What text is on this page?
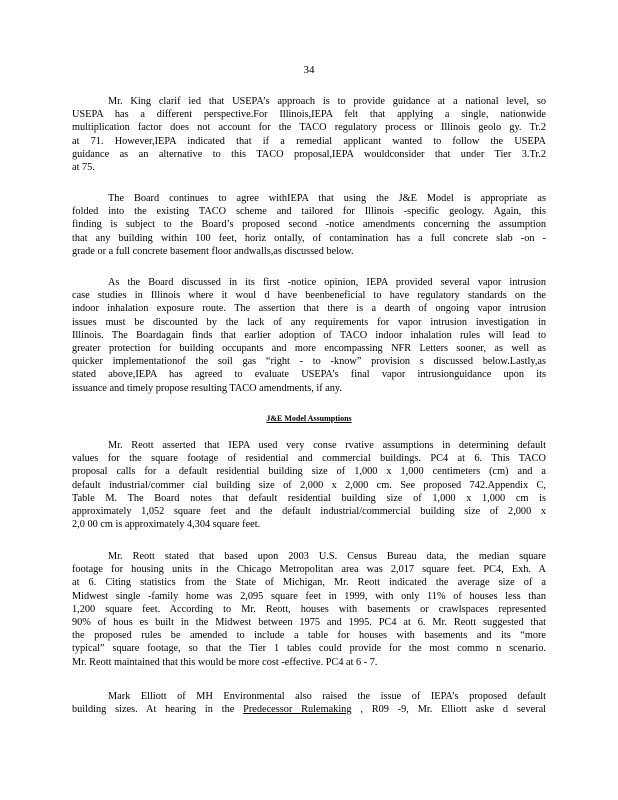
34
Mr. King clarif ied that USEPA’s approach is to provide guidance at a national level, so
USEPA has a different perspective.For Illinois,IEPA felt that applying a single, nationwide
multiplication factor does not account for the TACO regulatory process or Illinois geolo gy. Tr.2
at 71. However,IEPA indicated that if a remedial applicant wanted to follow the USEPA
guidance as an alternative to this TACO proposal,IEPA wouldconsider that under Tier 3.Tr.2
at 75.
The Board continues to agree withIEPA that using the J&E Model is appropriate as
folded into the existing TACO scheme and tailored for Illinois -specific geology. Again, this
finding is subject to the Board’s proposed second -notice amendments concerning the assumption
that any building within 100 feet, horiz ontally, of contamination has a full concrete slab -on -
grade or a full concrete basement floor andwalls,as discussed below.
As the Board discussed in its first -notice opinion, IEPA provided several vapor intrusion
case studies in Illinois where it woul d have beenbeneficial to have regulatory standards on the
indoor inhalation exposure route. The assertion that there is a dearth of ongoing vapor intrusion
issues must be discounted by the lack of any requirements for vapor intrusion investigation in
Illinois. The Boardagain finds that earlier adoption of TACO indoor inhalation rules will lead to
greater protection for building occupants and more encompassing NFR Letters sooner, as well as
quicker implementationof the soil gas “right - to -know” provision s discussed below.Lastly,as
stated above,IEPA has agreed to evaluate USEPA’s final vapor intrusionguidance upon its
issuance and timely propose resulting TACO amendments, if any.
J&E Model Assumptions
Mr. Reott asserted that IEPA used very conse rvative assumptions in determining default
values for the square footage of residential and commercial buildings. PC4 at 6. This TACO
proposal calls for a default residential building size of 1,000 x 1,000 centimeters (cm) and a
default industrial/commer cial building size of 2,000 x 2,000 cm. See proposed 742.Appendix C,
Table M. The Board notes that default residential building size of 1,000 x 1,000 cm is
approximately 1,052 square feet and the default industrial/commercial building size of 2,000 x
2,0 00 cm is approximately 4,304 square feet.
Mr. Reott stated that based upon 2003 U.S. Census Bureau data, the median square
footage for housing units in the Chicago Metropolitan area was 2,017 square feet. PC4, Exh. A
at 6. Citing statistics from the State of Michigan, Mr. Reott indicated the average size of a
Midwest single -family home was 2,095 square feet in 1999, with only 11% of houses less than
1,200 square feet. According to Mr. Reott, houses with basements or crawlspaces represented
90% of hous es built in the Midwest between 1975 and 1995. PC4 at 6. Mr. Reott suggested that
the proposed rules be amended to include a table for houses with basements and its “more
typical” square footage, so that the Tier 1 tables could provide for the most commo n scenario.
Mr. Reott maintained that this would be more cost -effective. PC4 at 6 - 7.
Mark Elliott of MH Environmental also raised the issue of IEPA’s proposed default
building sizes. At hearing in the Predecessor Rulemaking , R09 -9, Mr. Elliott aske d several
